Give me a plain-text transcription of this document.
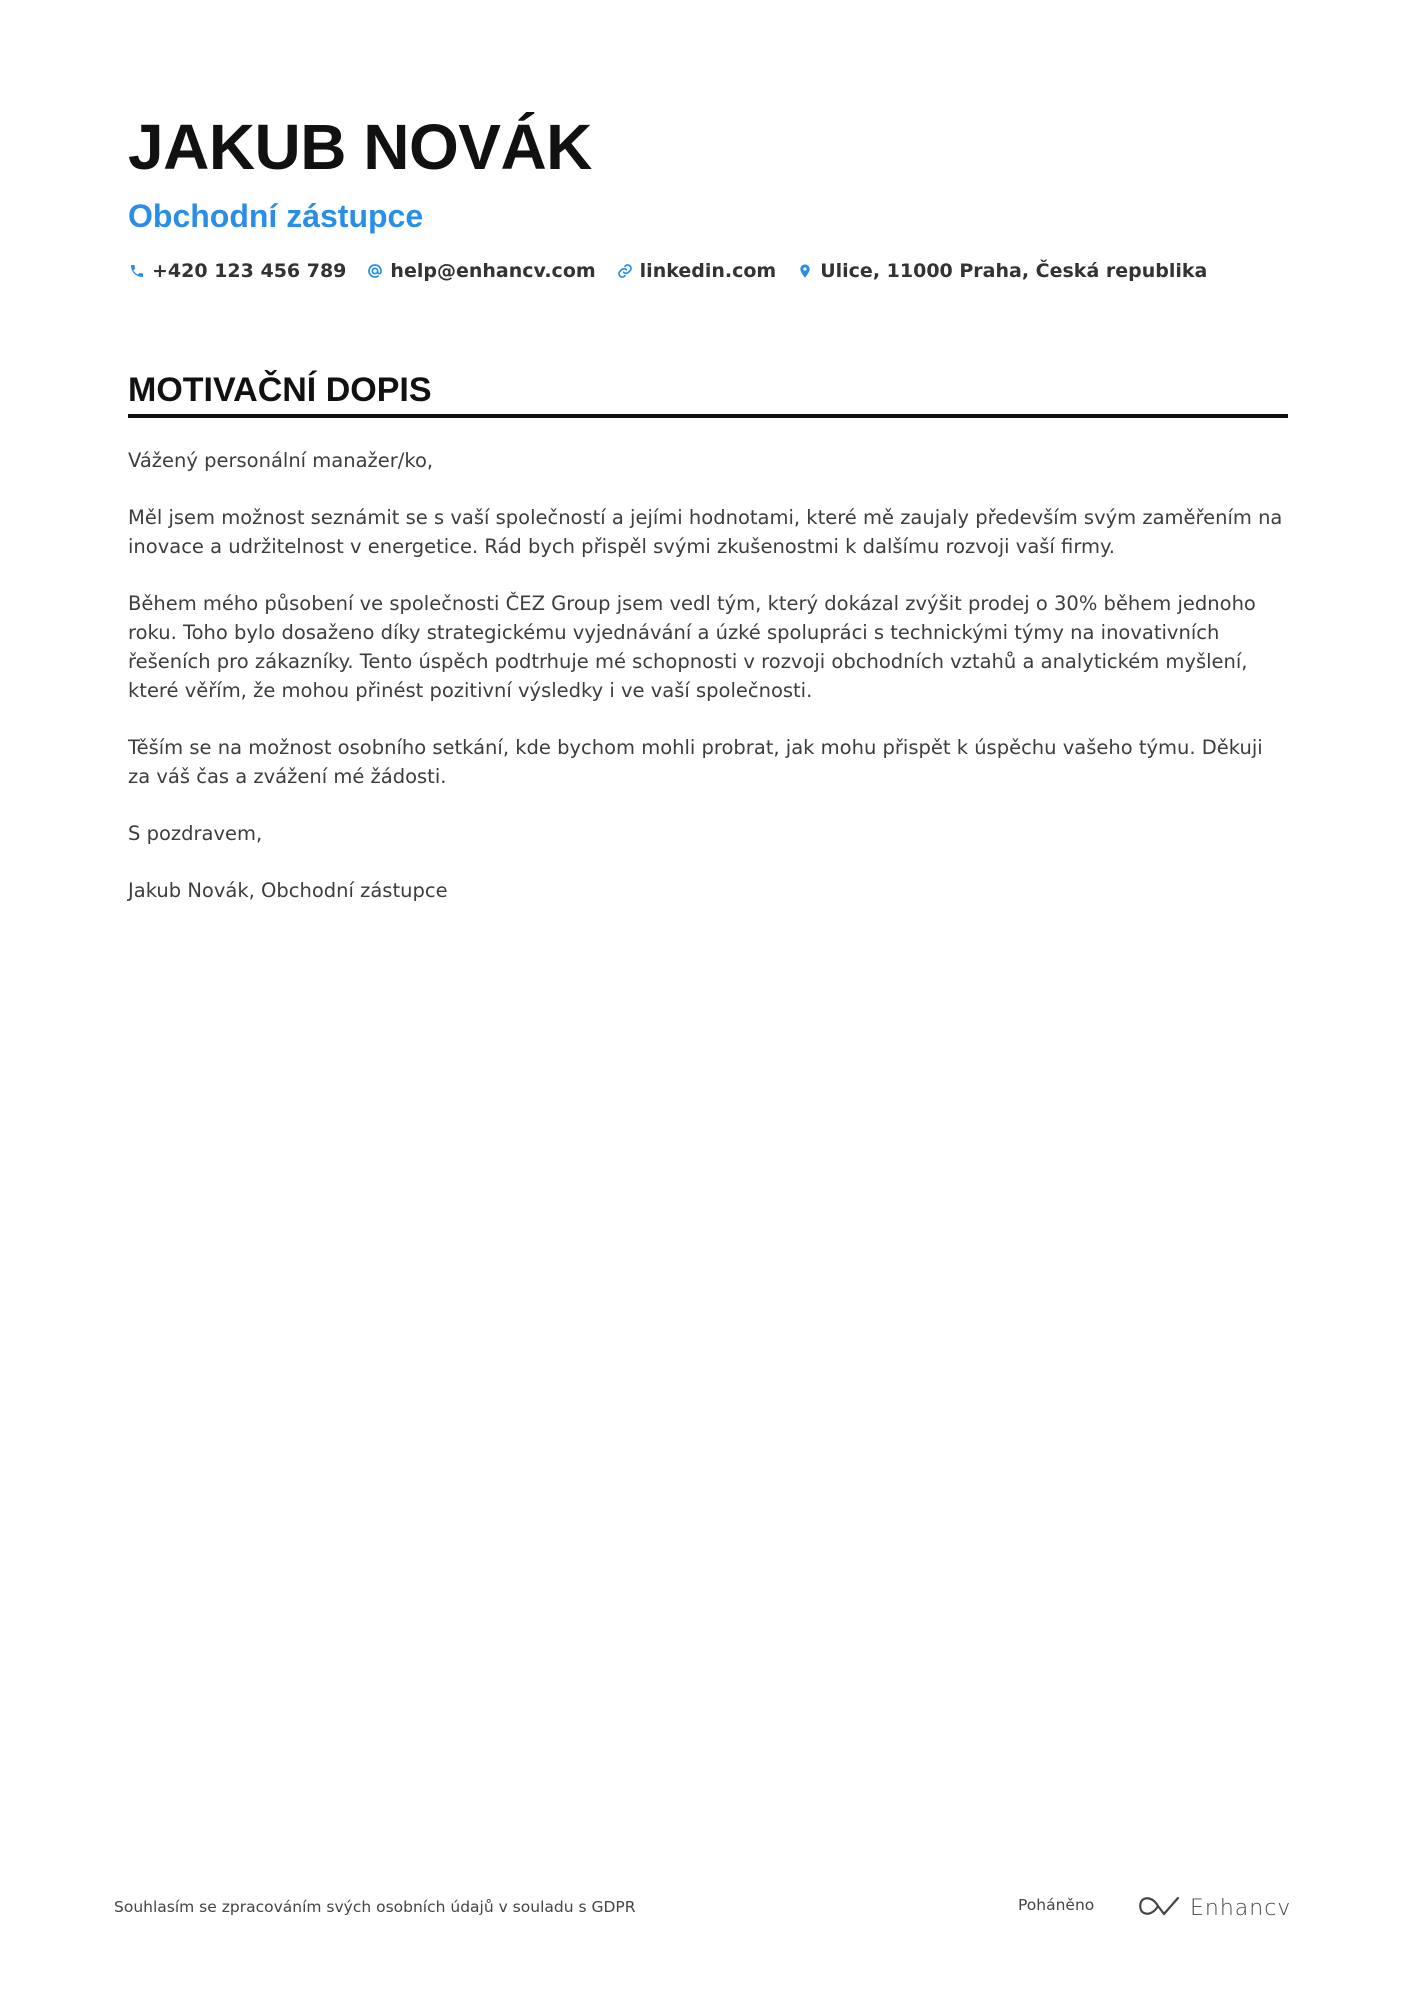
JAKUB NOVÁK
Obchodní zástupce
+420 123 456 789 help@enhancv.com linkedin.com Ulice, 11000 Praha, Česká republika
MOTIVAČNÍ DOPIS

Vážený personální manažer/ko,

Měl jsem možnost seznámit se s vaší společností a jejími hodnotami, které mě zaujaly především svým zaměřením na inovace a udržitelnost v energetice. Rád bych přispěl svými zkušenostmi k dalšímu rozvoji vaší firmy.

Během mého působení ve společnosti ČEZ Group jsem vedl tým, který dokázal zvýšit prodej o 30% během jednoho roku. Toho bylo dosaženo díky strategickému vyjednávání a úzké spolupráci s technickými týmy na inovativních řešeních pro zákazníky. Tento úspěch podtrhuje mé schopnosti v rozvoji obchodních vztahů a analytickém myšlení, které věřím, že mohou přinést pozitivní výsledky i ve vaší společnosti.

Těším se na možnost osobního setkání, kde bychom mohli probrat, jak mohu přispět k úspěchu vašeho týmu. Děkuji za váš čas a zvážení mé žádosti.

S pozdravem,

Jakub Novák, Obchodní zástupce

Souhlasím se zpracováním svých osobních údajů v souladu s GDPR	Poháněno	Enhancv
